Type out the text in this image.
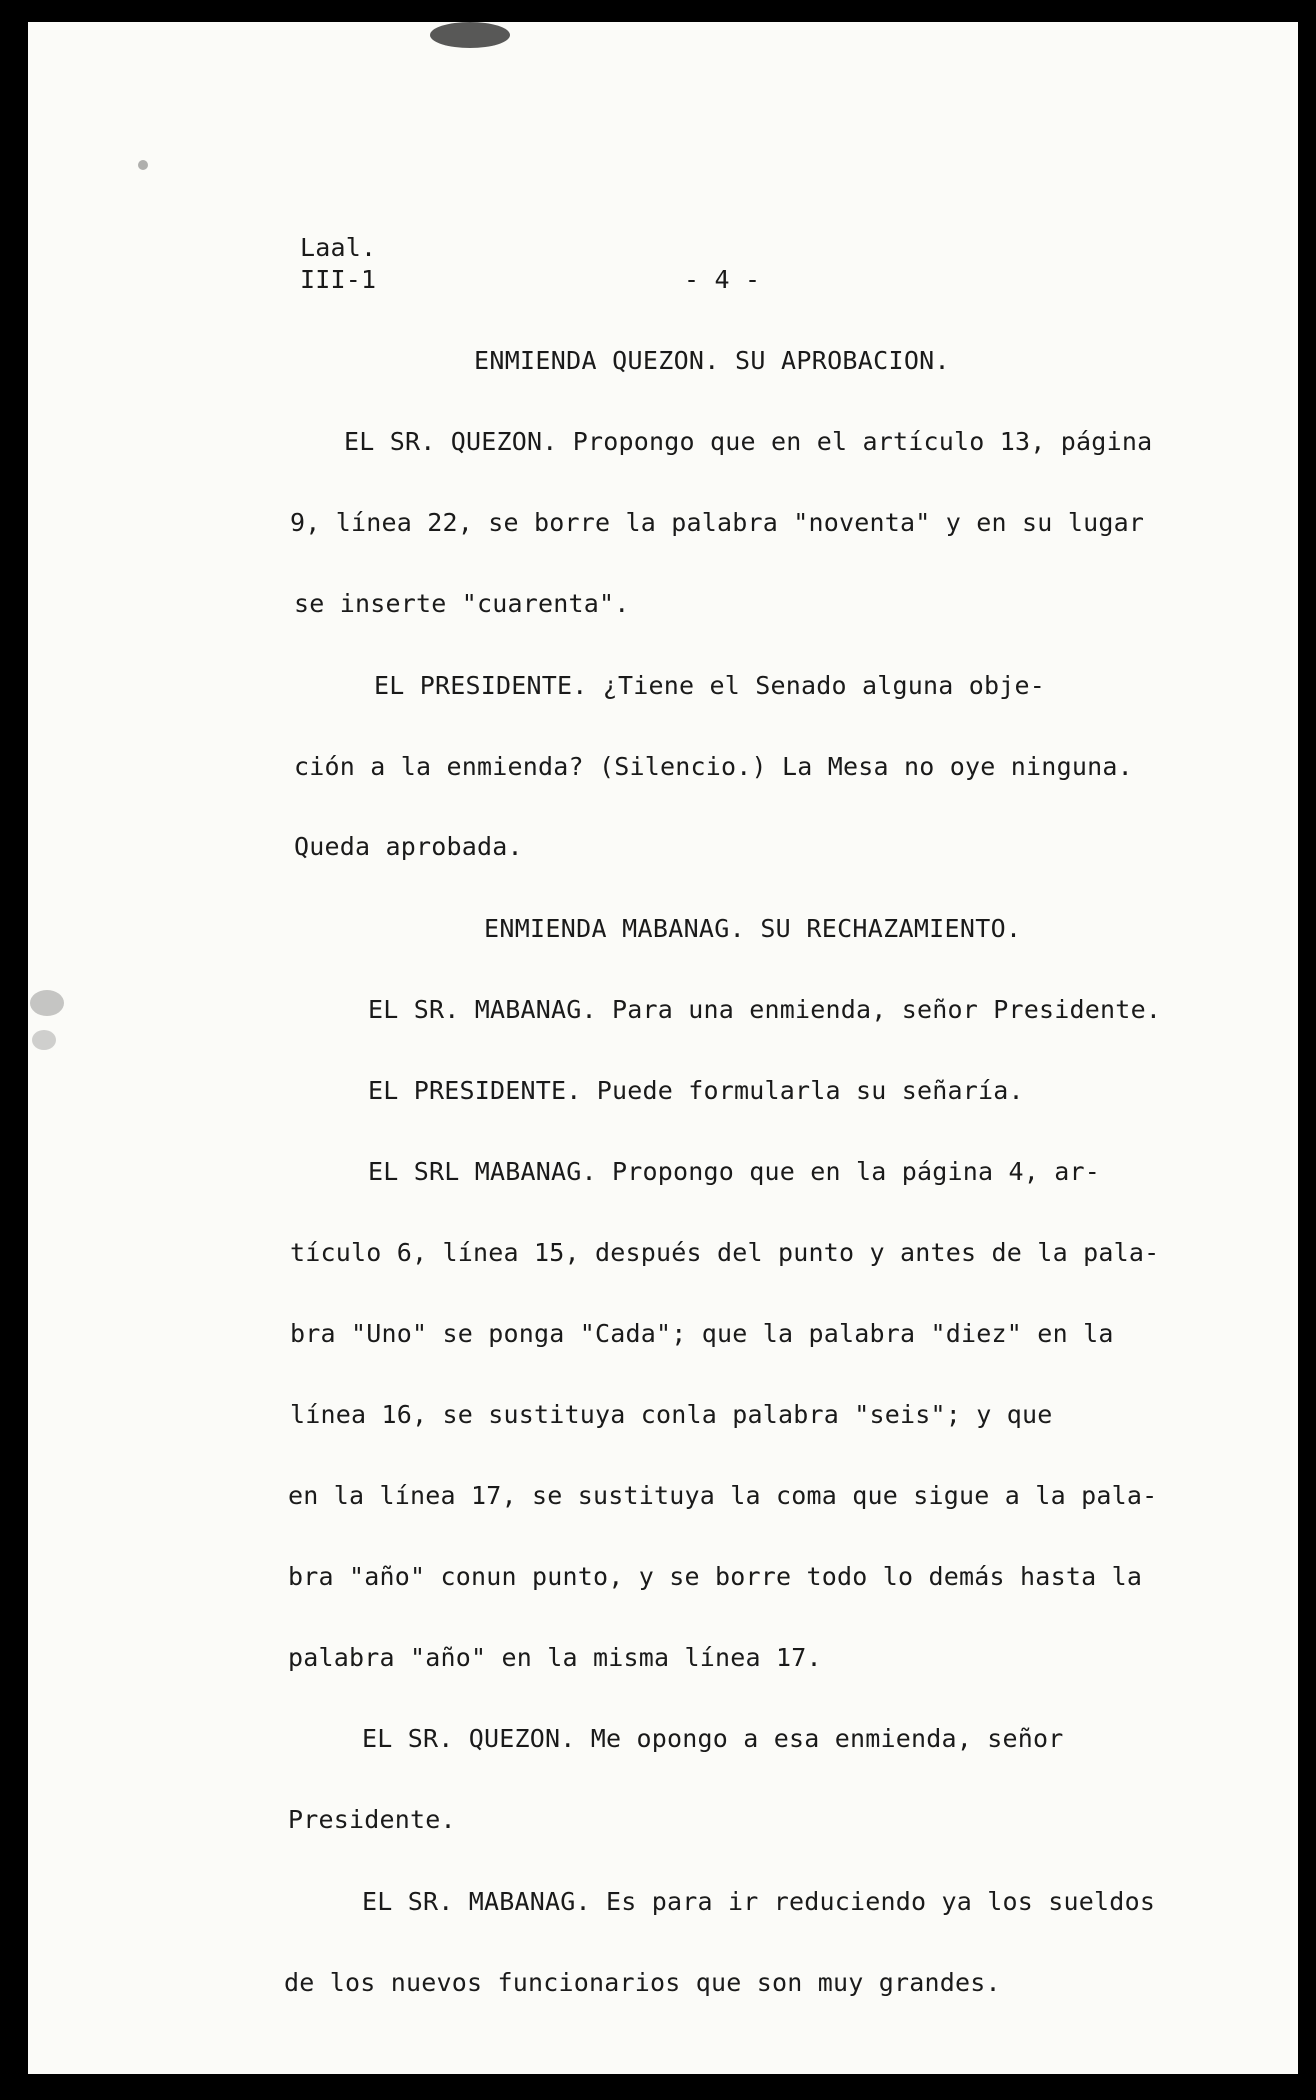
Laal.

III-1	- 4 -

ENMIENDA QUEZON. SU APROBACION.

EL SR. QUEZON. Propongo que en el artículo 13, página

9, línea 22, se borre la palabra "noventa" y en su lugar

se inserte "cuarenta".

EL PRESIDENTE. ¿Tiene el Senado alguna obje-

ción a la enmienda? (Silencio.) La Mesa no oye ninguna.

Queda aprobada.

ENMIENDA MABANAG. SU RECHAZAMIENTO.

EL SR. MABANAG. Para una enmienda, señor Presidente.

EL PRESIDENTE. Puede formularla su señaría.

EL SRL MABANAG. Propongo que en la página 4, ar-

tículo 6, línea 15, después del punto y antes de la pala-

bra "Uno" se ponga "Cada"; que la palabra "diez" en la

línea 16, se sustituya conla palabra "seis"; y que

en la línea 17, se sustituya la coma que sigue a la pala-

bra "año" conun punto, y se borre todo lo demás hasta la

palabra "año" en la misma línea 17.

EL SR. QUEZON. Me opongo a esa enmienda, señor

Presidente.

EL SR. MABANAG. Es para ir reduciendo ya los sueldos

de los nuevos funcionarios que son muy grandes.
